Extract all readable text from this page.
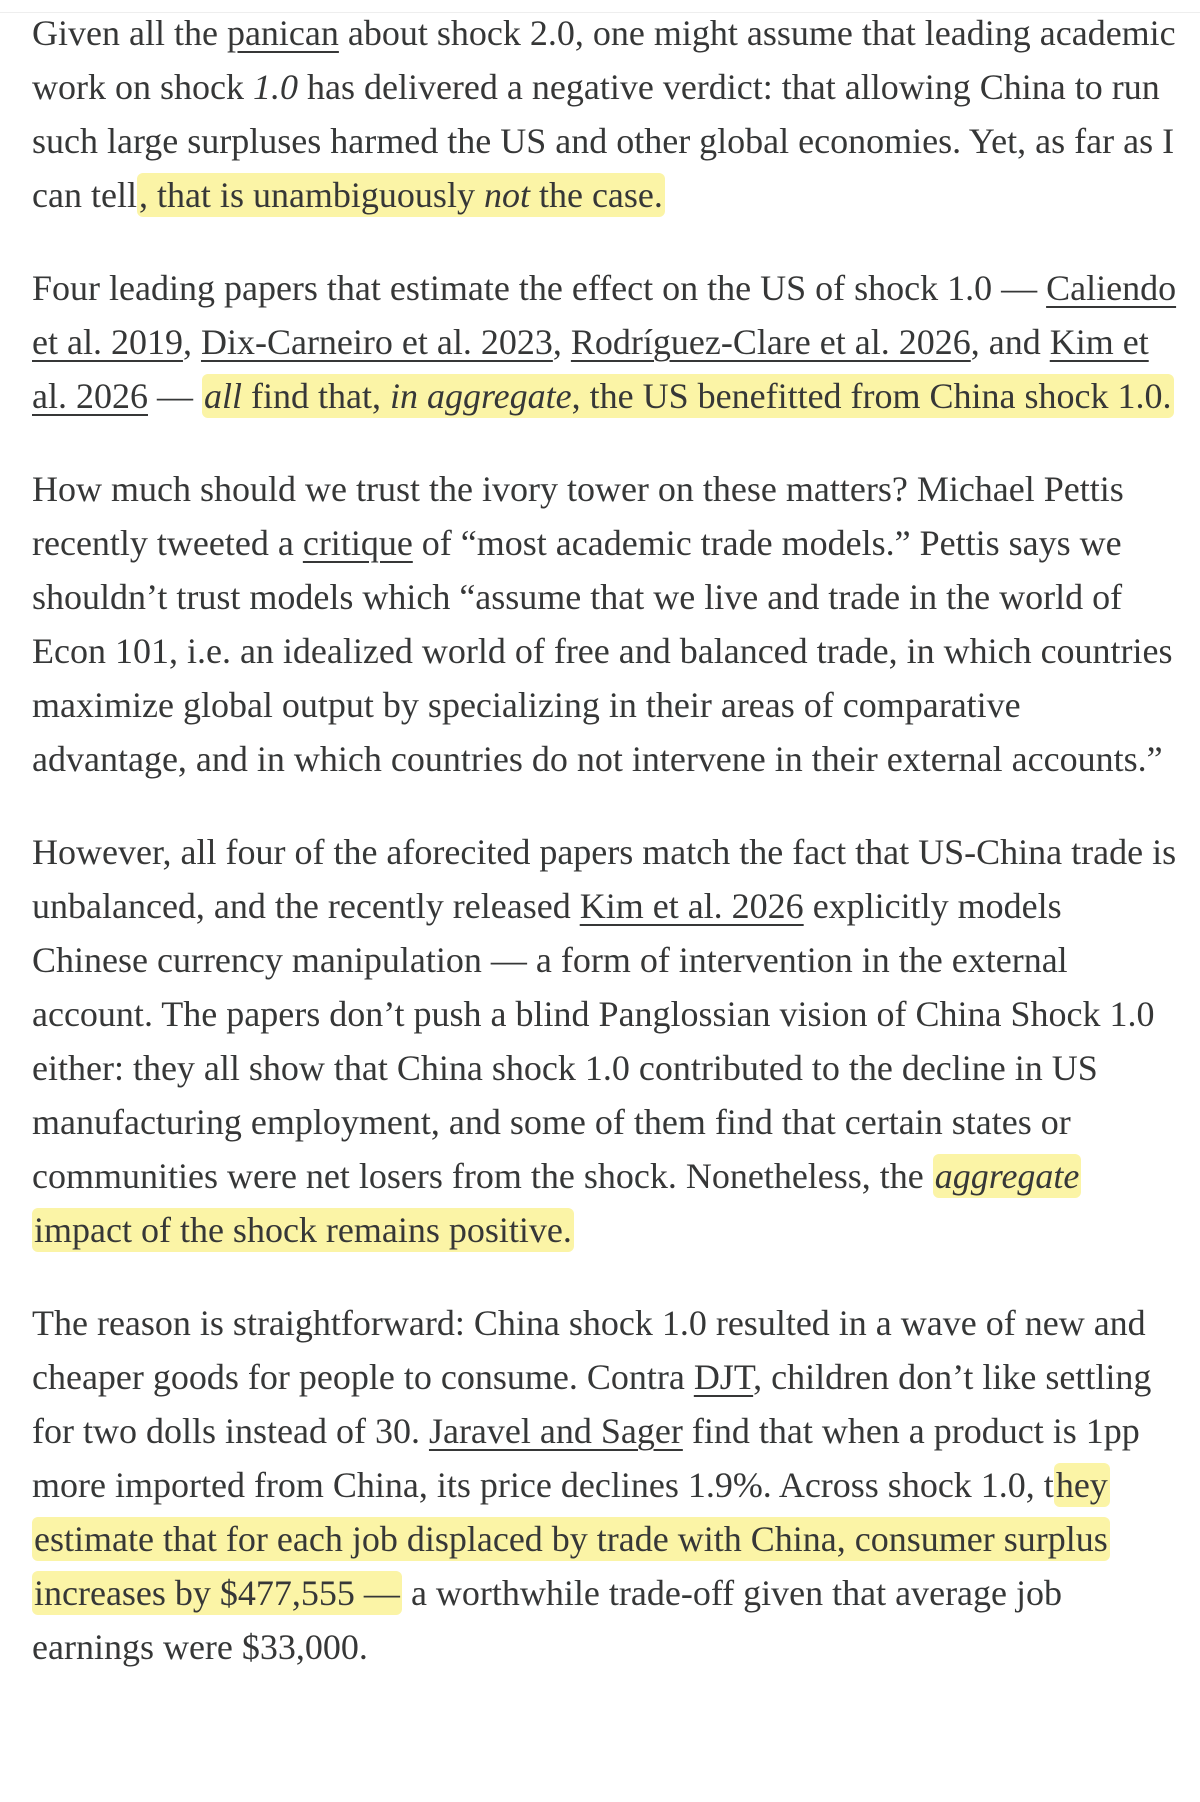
Given all the panican about shock 2.0, one might assume that leading academic work on shock 1.0 has delivered a negative verdict: that allowing China to run such large surpluses harmed the US and other global economies. Yet, as far as I can tell, that is unambiguously not the case.

Four leading papers that estimate the effect on the US of shock 1.0 — Caliendo et al. 2019, Dix-Carneiro et al. 2023, Rodríguez-Clare et al. 2026, and Kim et al. 2026 — all find that, in aggregate, the US benefitted from China shock 1.0.

How much should we trust the ivory tower on these matters? Michael Pettis recently tweeted a critique of “most academic trade models.” Pettis says we shouldn’t trust models which “assume that we live and trade in the world of Econ 101, i.e. an idealized world of free and balanced trade, in which countries maximize global output by specializing in their areas of comparative advantage, and in which countries do not intervene in their external accounts.”

However, all four of the aforecited papers match the fact that US-China trade is unbalanced, and the recently released Kim et al. 2026 explicitly models Chinese currency manipulation — a form of intervention in the external account. The papers don’t push a blind Panglossian vision of China Shock 1.0 either: they all show that China shock 1.0 contributed to the decline in US manufacturing employment, and some of them find that certain states or communities were net losers from the shock. Nonetheless, the aggregate impact of the shock remains positive.

The reason is straightforward: China shock 1.0 resulted in a wave of new and cheaper goods for people to consume. Contra DJT, children don’t like settling for two dolls instead of 30. Jaravel and Sager find that when a product is 1pp more imported from China, its price declines 1.9%. Across shock 1.0, they estimate that for each job displaced by trade with China, consumer surplus increases by $477,555 — a worthwhile trade-off given that average job earnings were $33,000.
